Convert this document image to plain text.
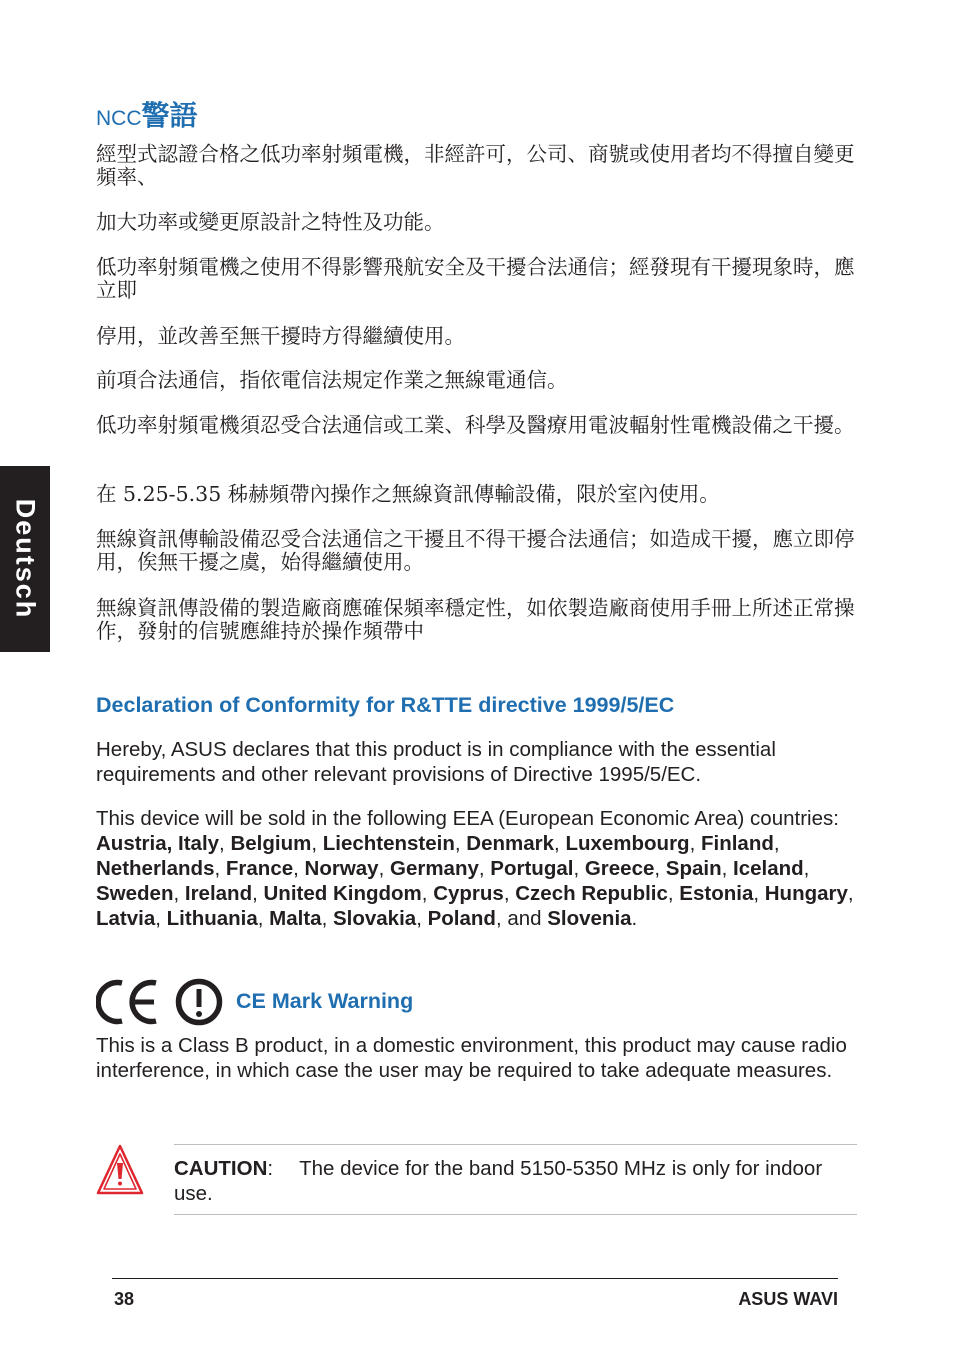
Deutsch
NCC警語

經型式認證合格之低功率射頻電機，非經許可，公司、商號或使用者均不得擅自變更頻率、

加大功率或變更原設計之特性及功能。

低功率射頻電機之使用不得影響飛航安全及干擾合法通信；經發現有干擾現象時，應立即

停用，並改善至無干擾時方得繼續使用。

前項合法通信，指依電信法規定作業之無線電通信。

低功率射頻電機須忍受合法通信或工業、科學及醫療用電波輻射性電機設備之干擾。

在 5.25-5.35 秭赫頻帶內操作之無線資訊傳輸設備，限於室內使用。

無線資訊傳輸設備忍受合法通信之干擾且不得干擾合法通信；如造成干擾，應立即停用，俟無干擾之虞，始得繼續使用。

無線資訊傳設備的製造廠商應確保頻率穩定性，如依製造廠商使用手冊上所述正常操作，發射的信號應維持於操作頻帶中

Declaration of Conformity for R&TTE directive 1999/5/EC

Hereby, ASUS declares that this product is in compliance with the essential requirements and other relevant provisions of Directive 1995/5/EC.

This device will be sold in the following EEA (European Economic Area) countries: Austria, Italy, Belgium, Liechtenstein, Denmark, Luxembourg, Finland, Netherlands, France, Norway, Germany, Portugal, Greece, Spain, Iceland, Sweden, Ireland, United Kingdom, Cyprus, Czech Republic, Estonia, Hungary, Latvia, Lithuania, Malta, Slovakia, Poland, and Slovenia.

CE Mark Warning

This is a Class B product, in a domestic environment, this product may cause radio interference, in which case the user may be required to take adequate measures.

CAUTION: The device for the band 5150-5350 MHz is only for indoor use.

38	ASUS WAVI
